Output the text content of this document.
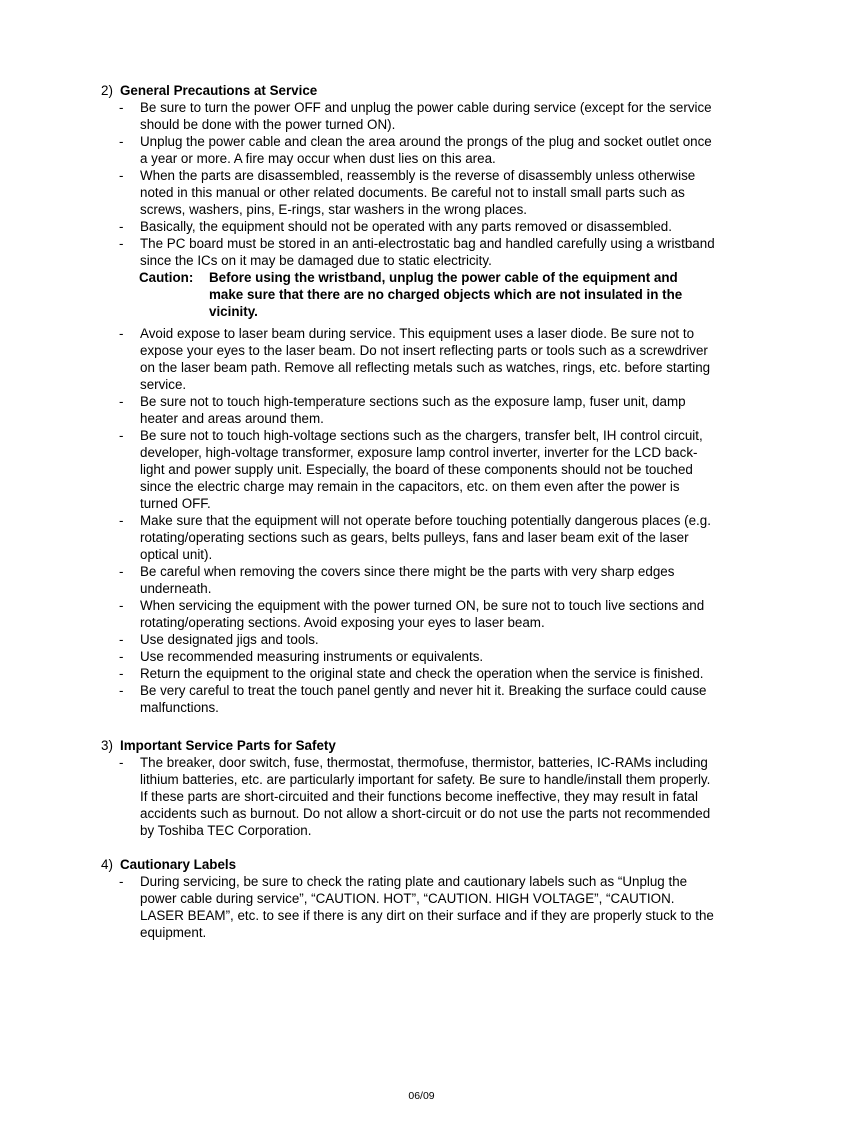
2) General Precautions at Service
- Be sure to turn the power OFF and unplug the power cable during service (except for the service
should be done with the power turned ON).
- Unplug the power cable and clean the area around the prongs of the plug and socket outlet once
a year or more. A fire may occur when dust lies on this area.
- When the parts are disassembled, reassembly is the reverse of disassembly unless otherwise
noted in this manual or other related documents. Be careful not to install small parts such as
screws, washers, pins, E-rings, star washers in the wrong places.
- Basically, the equipment should not be operated with any parts removed or disassembled.
- The PC board must be stored in an anti-electrostatic bag and handled carefully using a wristband
since the ICs on it may be damaged due to static electricity.
Caution: Before using the wristband, unplug the power cable of the equipment and
make sure that there are no charged objects which are not insulated in the
vicinity.
- Avoid expose to laser beam during service. This equipment uses a laser diode. Be sure not to
expose your eyes to the laser beam. Do not insert reflecting parts or tools such as a screwdriver
on the laser beam path. Remove all reflecting metals such as watches, rings, etc. before starting
service.
- Be sure not to touch high-temperature sections such as the exposure lamp, fuser unit, damp
heater and areas around them.
- Be sure not to touch high-voltage sections such as the chargers, transfer belt, IH control circuit,
developer, high-voltage transformer, exposure lamp control inverter, inverter for the LCD back-
light and power supply unit. Especially, the board of these components should not be touched
since the electric charge may remain in the capacitors, etc. on them even after the power is
turned OFF.
- Make sure that the equipment will not operate before touching potentially dangerous places (e.g.
rotating/operating sections such as gears, belts pulleys, fans and laser beam exit of the laser
optical unit).
- Be careful when removing the covers since there might be the parts with very sharp edges
underneath.
- When servicing the equipment with the power turned ON, be sure not to touch live sections and
rotating/operating sections. Avoid exposing your eyes to laser beam.
- Use designated jigs and tools.
- Use recommended measuring instruments or equivalents.
- Return the equipment to the original state and check the operation when the service is finished.
- Be very careful to treat the touch panel gently and never hit it. Breaking the surface could cause
malfunctions.
3) Important Service Parts for Safety
- The breaker, door switch, fuse, thermostat, thermofuse, thermistor, batteries, IC-RAMs including
lithium batteries, etc. are particularly important for safety. Be sure to handle/install them properly.
If these parts are short-circuited and their functions become ineffective, they may result in fatal
accidents such as burnout. Do not allow a short-circuit or do not use the parts not recommended
by Toshiba TEC Corporation.
4) Cautionary Labels
- During servicing, be sure to check the rating plate and cautionary labels such as “Unplug the
power cable during service”, “CAUTION. HOT”, “CAUTION. HIGH VOLTAGE”, “CAUTION.
LASER BEAM”, etc. to see if there is any dirt on their surface and if they are properly stuck to the
equipment.
06/09
